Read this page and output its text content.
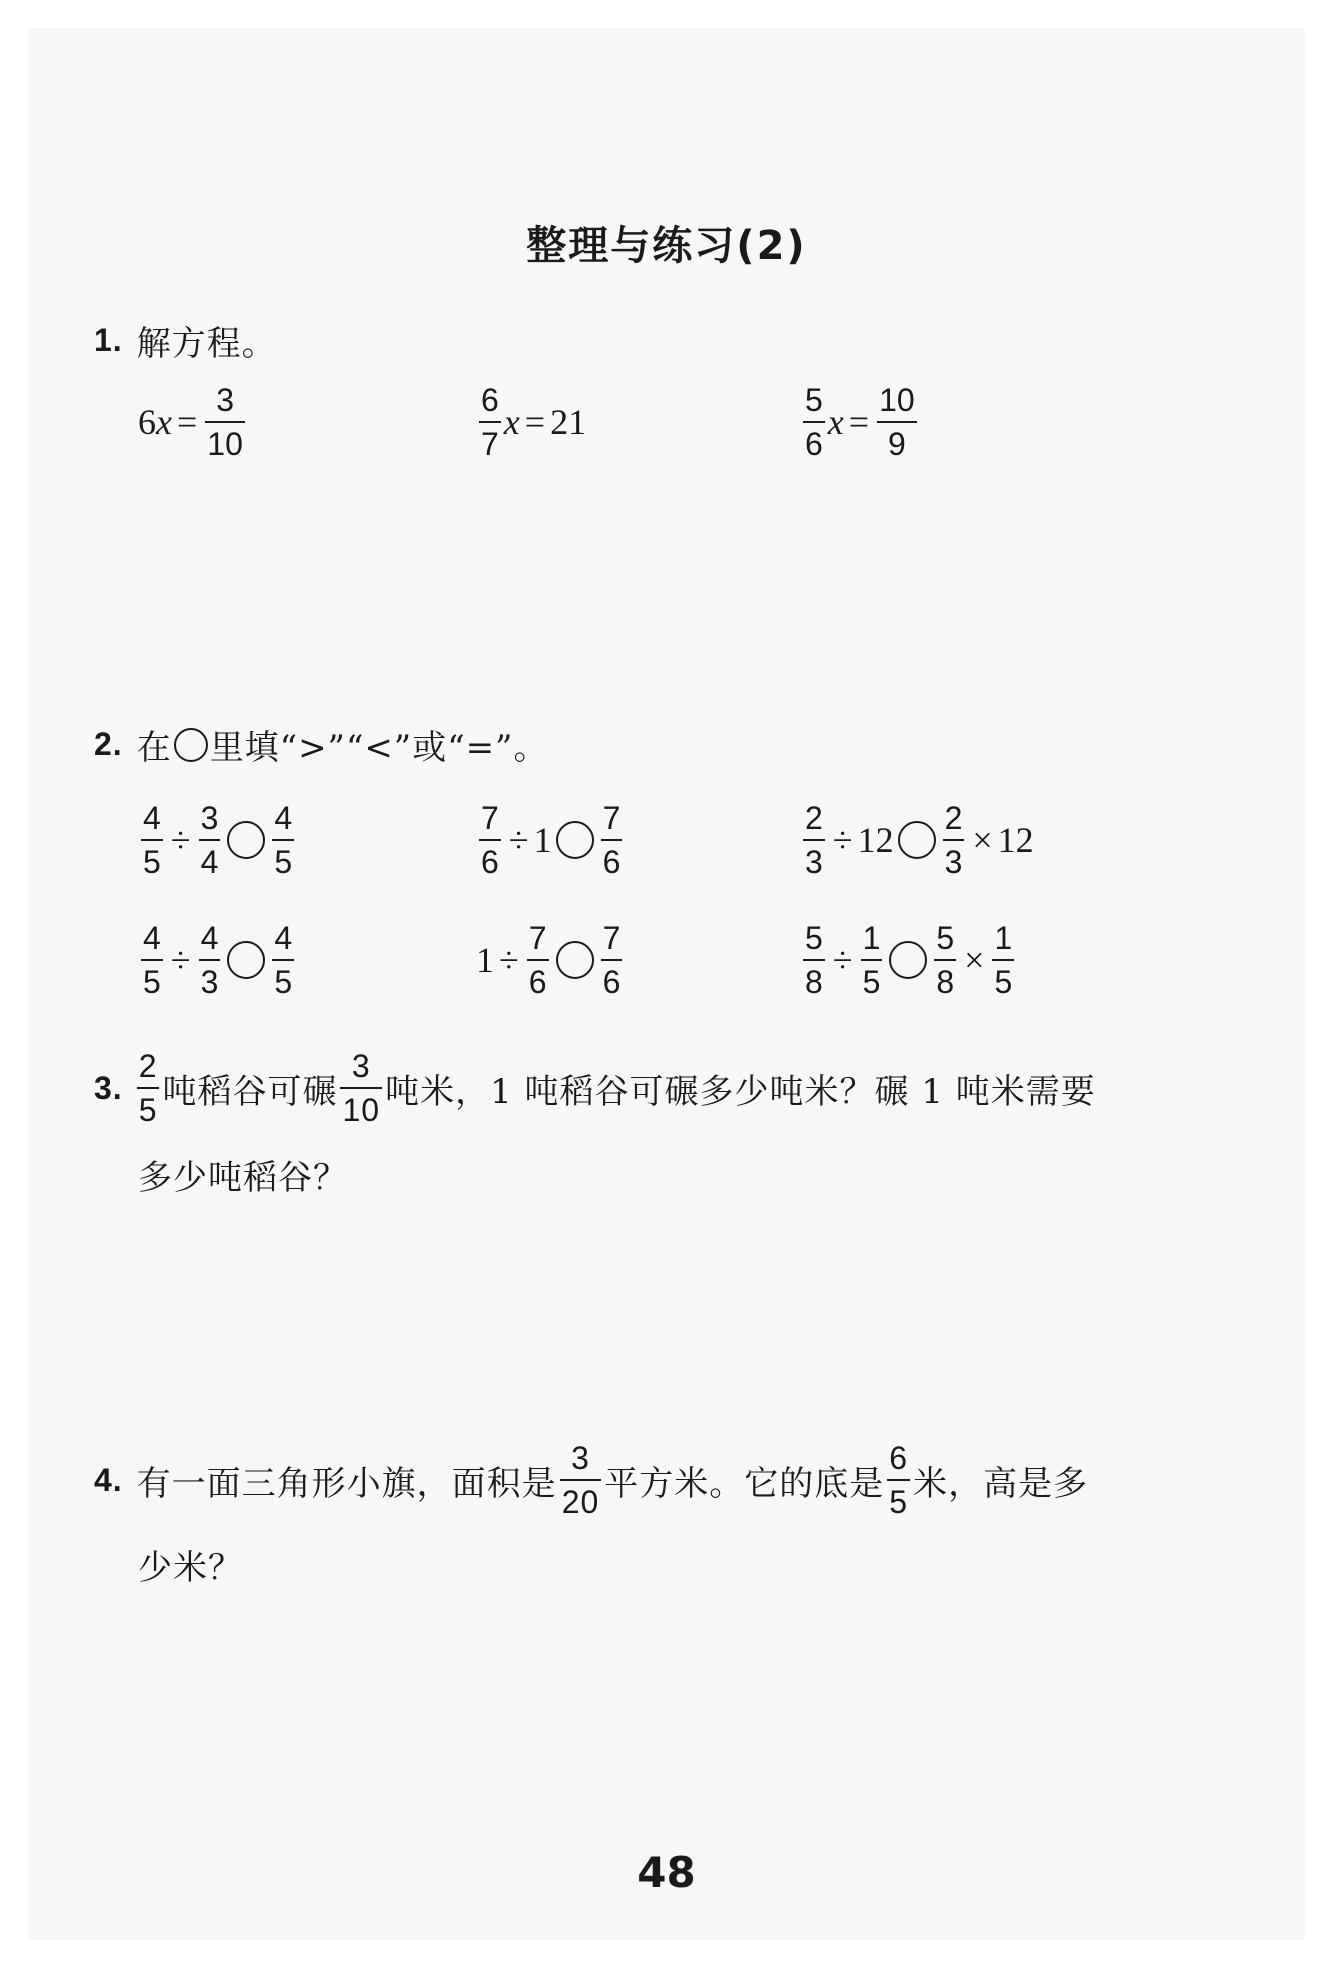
整理与练习(2)
1. 解方程。
6 $x = \frac{3}{10}$	$\frac{6}{7}$ x = 21	$\frac{5}{6}$ $x = \frac{10}{9}$
2. 在 里填“>”“<”或“=”。
$\frac{4}{5} \div \frac{3}{4} \frac{4}{5}$	$\frac{7}{6} \div 1 \frac{7}{6}$	$\frac{2}{3} \div 12 \frac{2}{3} \times 12$
$\frac{4}{5} \div \frac{4}{3} \frac{4}{5}$	$1 \div \frac{7}{6} \frac{7}{6}$	$\frac{5}{8} \div \frac{1}{5} \frac{5}{8} \times \frac{1}{5}$
3. $\frac{2}{5}$ 吨稻谷可碾 $\frac{3}{10}$ 吨米，1 吨稻谷可碾多少吨米？碾 1 吨米需要
多少吨稻谷？
4. 有一面三角形小旗，面积是 $\frac{3}{20}$ 平方米。它的底是 $\frac{6}{5}$ 米，高是多
少米？
48
